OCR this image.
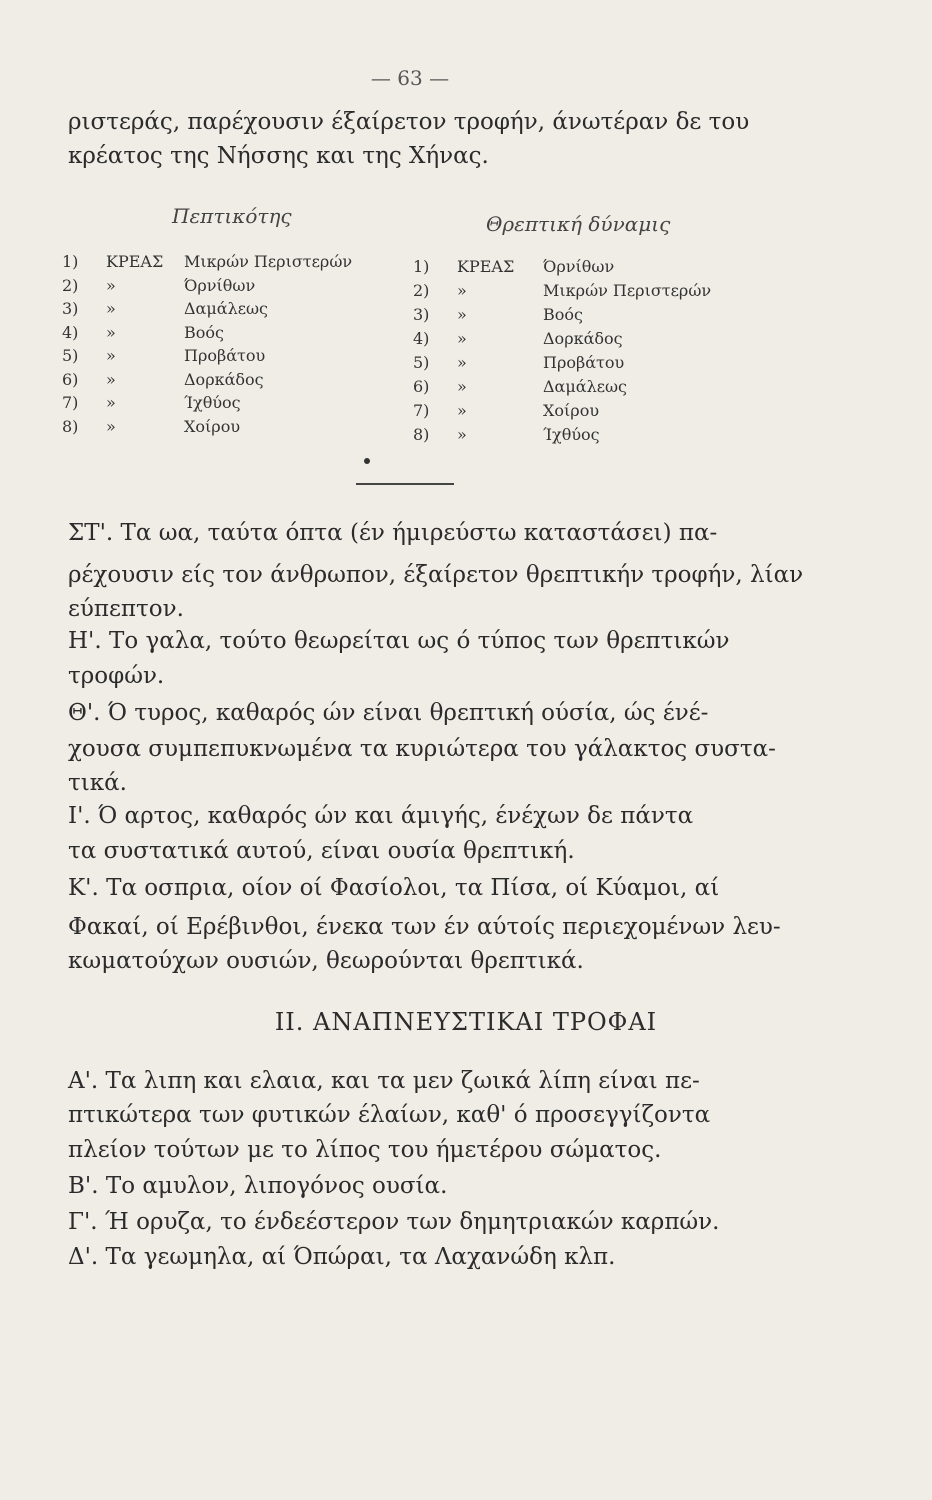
— 63 —
ριστεράς, παρέχουσιν έξαίρετον τροφήν, άνωτέραν δε του
κρέατος της Νήσσης και της Χήνας.
Πεπτικότης	Θρεπτική δύναμις
1) ΚΡΕΑΣ Μικρών Περιστερών
2) »	Όρνίθων
3) »	Δαμάλεως
4) »	Βοός
5) »	Προβάτου
6) »	Δορκάδος
7) »	Ίχθύος
8) »	Χοίρου
1) ΚΡΕΑΣ Όρνίθων
2) »	Μικρών Περιστερών
3) »	Βοός
4) »	Δορκάδος
5) »	Προβάτου
6) »	Δαμάλεως
7) »	Χοίρου
8) »	Ίχθύος
ΣΤ'. Τα ωα, ταύτα όπτα (έν ήμιρεύστω καταστάσει) πα-
ρέχουσιν είς τον άνθρωπον, έξαίρετον θρεπτικήν τροφήν, λίαν
εύπεπτον.
Η'. Το γαλα, τούτο θεωρείται ως ό τύπος των θρεπτικών
τροφών.
Θ'. Ό τυρος, καθαρός ών είναι θρεπτική ούσία, ώς ένέ-
χουσα συμπεπυκνωμένα τα κυριώτερα του γάλακτος συστα-
τικά.
Ι'. Ό αρτος, καθαρός ών και άμιγής, ένέχων δε πάντα
τα συστατικά αυτού, είναι ουσία θρεπτική.
Κ'. Τα οσπρια, οίον οί Φασίολοι, τα Πίσα, οί Κύαμοι, αί
Φακαί, οί Ερέβινθοι, ένεκα των έν αύτοίς περιεχομένων λευ-
κωματούχων ουσιών, θεωρούνται θρεπτικά.
ΙΙ. ΑΝΑΠΝΕΥΣΤΙΚΑΙ ΤΡΟΦΑΙ
Α'. Τα λιπη και ελαια, και τα μεν ζωικά λίπη είναι πε-
πτικώτερα των φυτικών έλαίων, καθ' ό προσεγγίζοντα
πλείον τούτων με το λίπος του ήμετέρου σώματος.
Β'. Το αμυλον, λιπογόνος ουσία.
Γ'. Ή ορυζα, το ένδεέστερον των δημητριακών καρπών.
Δ'. Τα γεωμηλα, αί Όπώραι, τα Λαχανώδη κλπ.
